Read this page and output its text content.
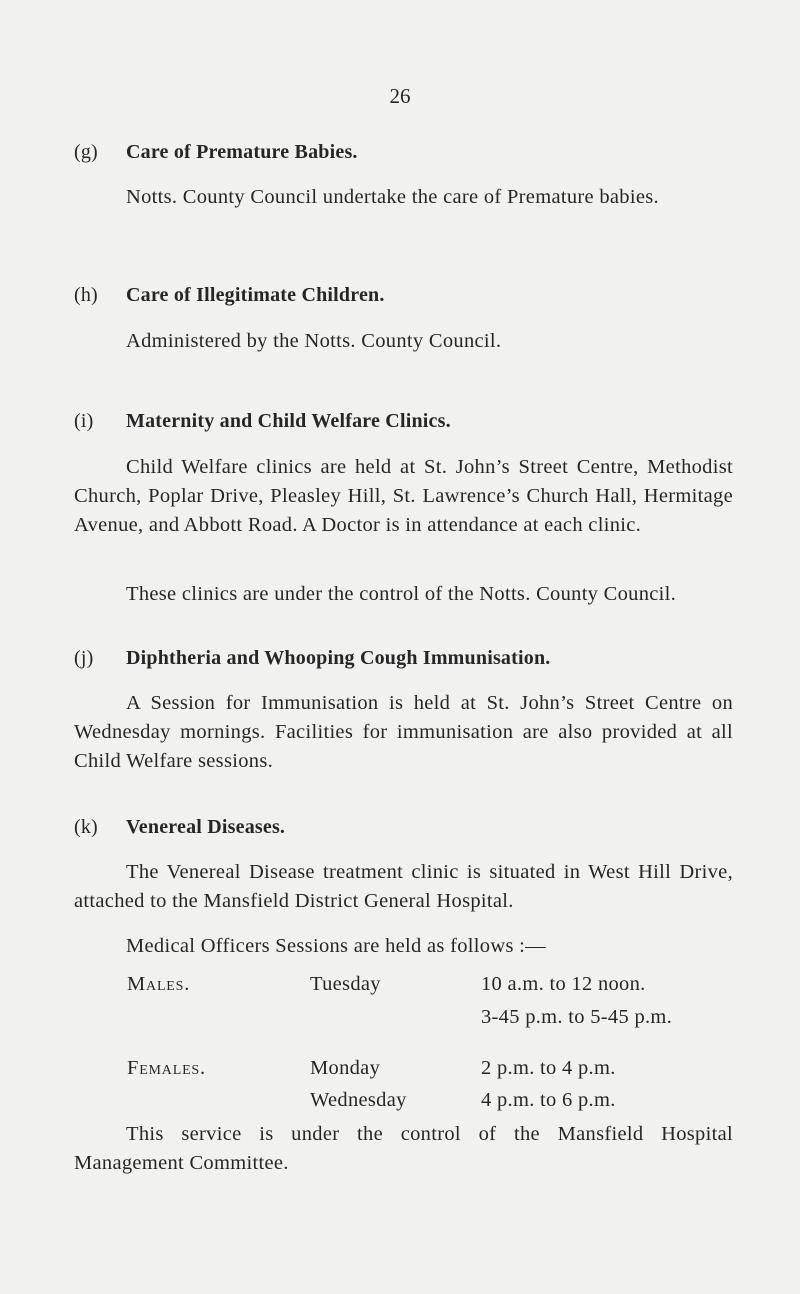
26
(g) Care of Premature Babies.
Notts. County Council undertake the care of Premature babies.
(h) Care of Illegitimate Children.
Administered by the Notts. County Council.
(i) Maternity and Child Welfare Clinics.
Child Welfare clinics are held at St. John’s Street Centre, Methodist Church, Poplar Drive, Pleasley Hill, St. Lawrence’s Church Hall, Hermitage Avenue, and Abbott Road. A Doctor is in attendance at each clinic.
These clinics are under the control of the Notts. County Council.
(j) Diphtheria and Whooping Cough Immunisation.
A Session for Immunisation is held at St. John’s Street Centre on Wednesday mornings. Facilities for immunisation are also provided at all Child Welfare sessions.
(k) Venereal Diseases.
The Venereal Disease treatment clinic is situated in West Hill Drive, attached to the Mansfield District General Hospital.
Medical Officers Sessions are held as follows :—
Males.	Tuesday	10 a.m. to 12 noon.
3-45 p.m. to 5-45 p.m.
Females.	Monday	2 p.m. to 4 p.m.
Wednesday	4 p.m. to 6 p.m.
This service is under the control of the Mansfield Hospital Management Committee.
